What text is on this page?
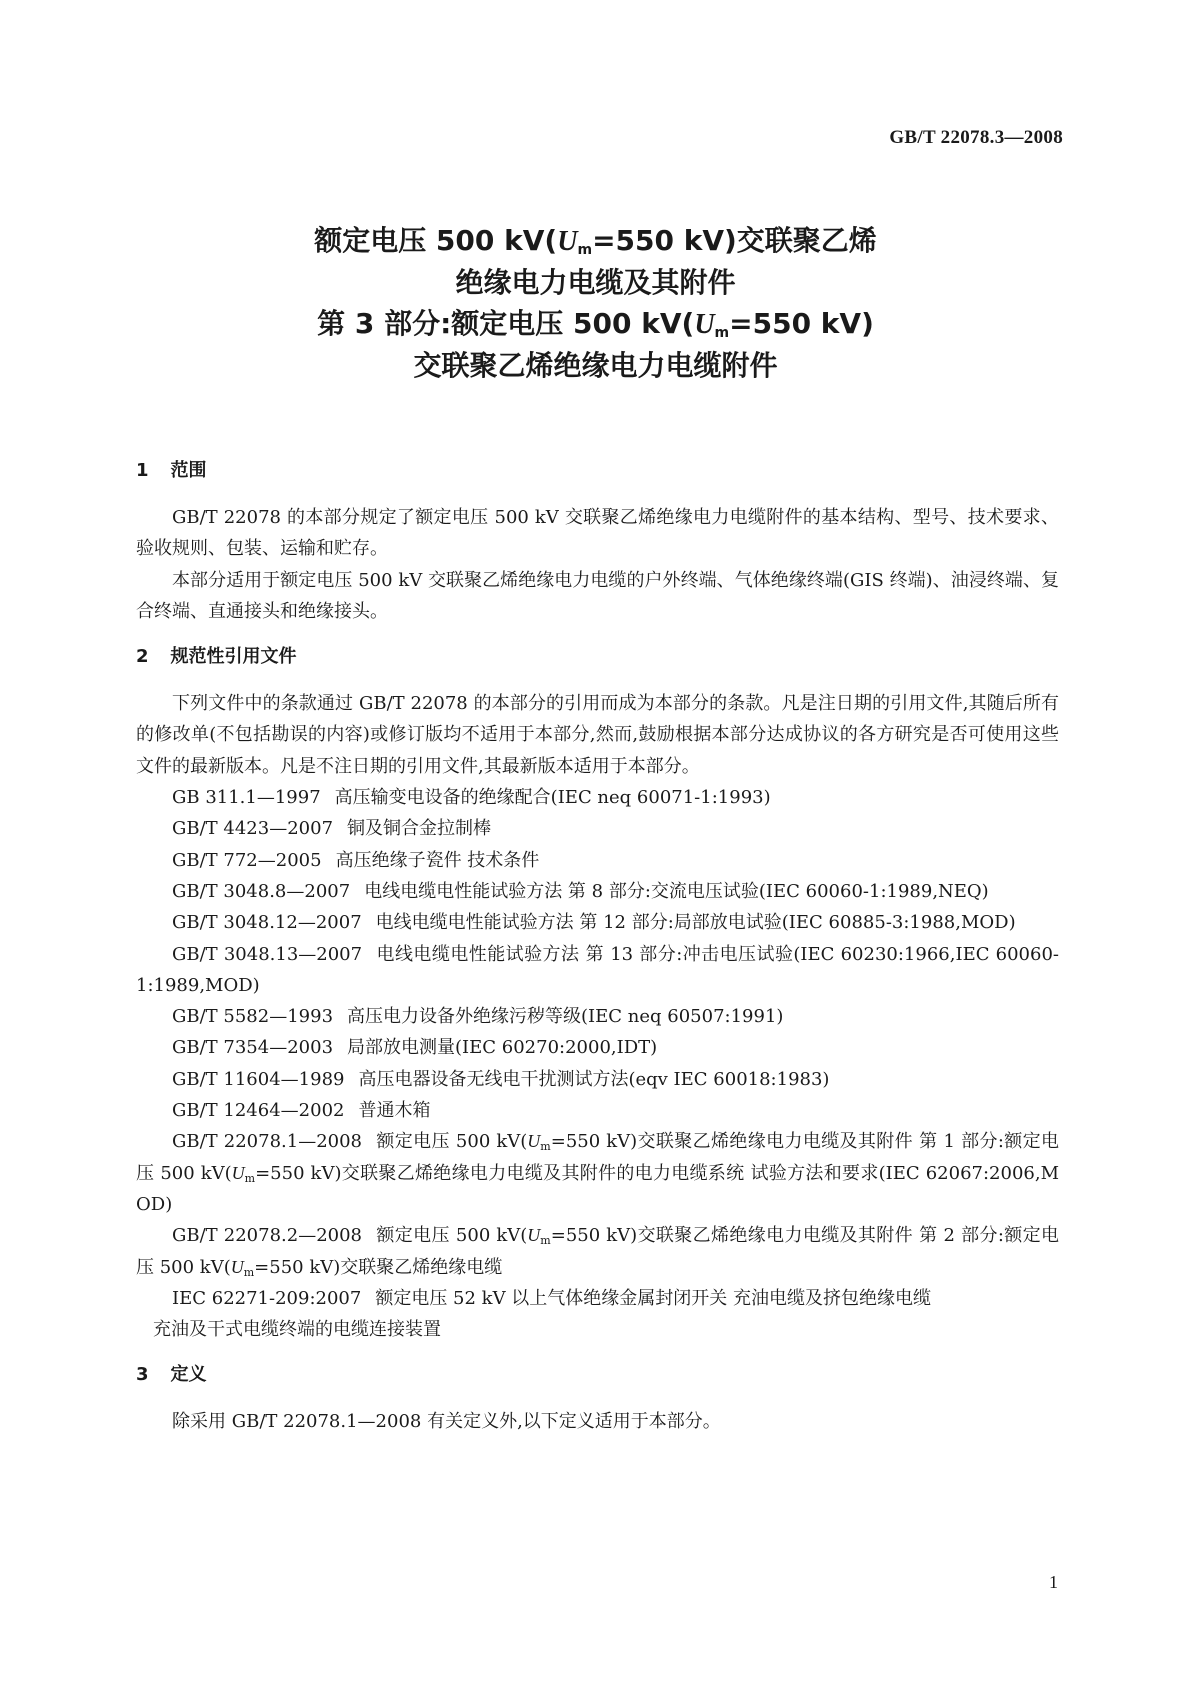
GB/T 22078.3—2008
额定电压 500 $kV(U_m=550$ kV)交联聚乙烯
绝缘电力电缆及其附件
第 3 部分:额定电压 500 $kV(U_m=550$ kV)
交联聚乙烯绝缘电力电缆附件
1 范围

GB/T 22078 的本部分规定了额定电压 500 kV 交联聚乙烯绝缘电力电缆附件的基本结构、型号、技术要求、验收规则、包装、运输和贮存。

本部分适用于额定电压 500 kV 交联聚乙烯绝缘电力电缆的户外终端、气体绝缘终端(GIS 终端)、油浸终端、复合终端、直通接头和绝缘接头。

2 规范性引用文件

下列文件中的条款通过 GB/T 22078 的本部分的引用而成为本部分的条款。凡是注日期的引用文件,其随后所有的修改单(不包括勘误的内容)或修订版均不适用于本部分,然而,鼓励根据本部分达成协议的各方研究是否可使用这些文件的最新版本。凡是不注日期的引用文件,其最新版本适用于本部分。

GB 311.1—1997 高压输变电设备的绝缘配合(IEC neq 60071-1:1993)

GB/T 4423—2007 铜及铜合金拉制棒

GB/T 772—2005 高压绝缘子瓷件 技术条件

GB/T 3048.8—2007 电线电缆电性能试验方法 第 8 部分:交流电压试验(IEC 60060-1:1989,NEQ)

GB/T 3048.12—2007 电线电缆电性能试验方法 第 12 部分:局部放电试验(IEC 60885-3:1988,MOD)

GB/T 3048.13—2007 电线电缆电性能试验方法 第 13 部分:冲击电压试验(IEC 60230:1966,IEC 60060-1:1989,MOD)

GB/T 5582—1993 高压电力设备外绝缘污秽等级(IEC neq 60507:1991)

GB/T 7354—2003 局部放电测量(IEC 60270:2000,IDT)

GB/T 11604—1989 高压电器设备无线电干扰测试方法(eqv IEC 60018:1983)

GB/T 12464—2002 普通木箱

GB/T 22078.1—2008 额定电压 500 $kV(U_m=550$ kV)交联聚乙烯绝缘电力电缆及其附件 第 1 部分:额定电压 500 $kV(U_m=550$ kV)交联聚乙烯绝缘电力电缆及其附件的电力电缆系统 试验方法和要求(IEC 62067:2006,MOD)

GB/T 22078.2—2008 额定电压 500 $kV(U_m=550$ kV)交联聚乙烯绝缘电力电缆及其附件 第 2 部分:额定电压 500 $kV(U_m=550$ kV)交联聚乙烯绝缘电缆

IEC 62271-209:2007 额定电压 52 kV 以上气体绝缘金属封闭开关 充油电缆及挤包绝缘电缆
充油及干式电缆终端的电缆连接装置

3 定义

除采用 GB/T 22078.1—2008 有关定义外,以下定义适用于本部分。

1
